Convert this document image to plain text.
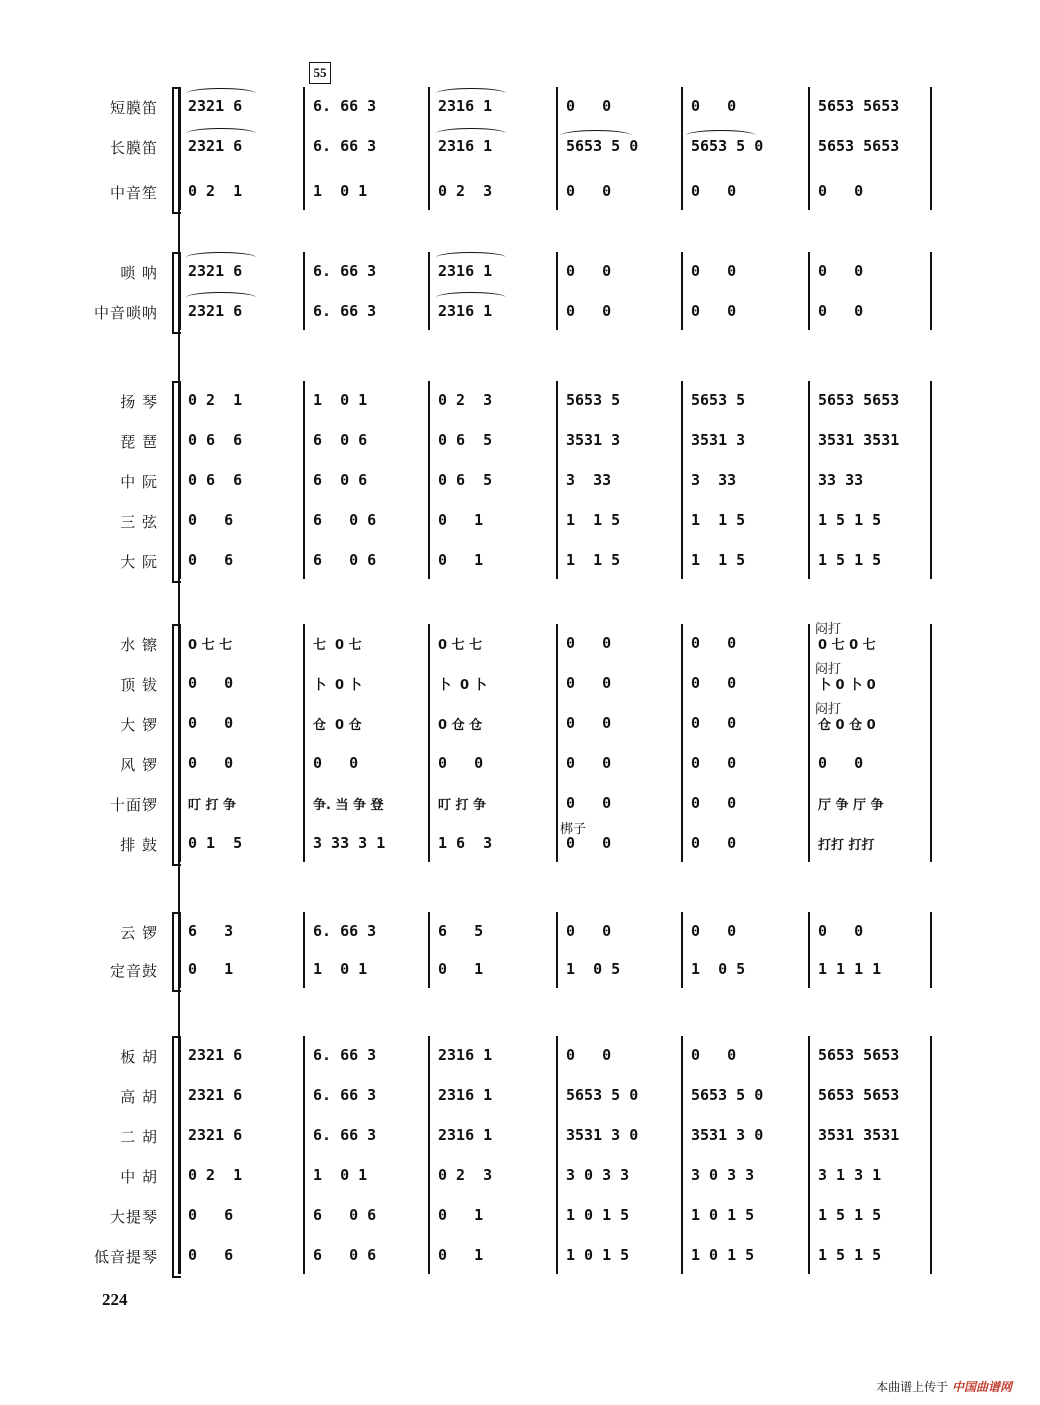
55
224
本曲谱上传于 中国曲谱网
短膜笛 2321 6	6. 66 3	2316 1	0   0	0   0	5653 5653
长膜笛 2321 6	6. 66 3	2316 1	5653 5 0	5653 5 0	5653 5653
中音笙 0 2  1	1  0 1	0 2  3	0   0	0   0	0   0
唢 呐 2321 6	6. 66 3	2316 1	0   0	0   0	0   0
中音唢呐 2321 6	6. 66 3	2316 1	0   0	0   0	0   0
扬 琴 0 2  1	1  0 1	0 2  3	5653 5	5653 5	5653 5653
琵 琶 0 6  6	6  0 6	0 6  5	3531 3	3531 3	3531 3531
中 阮 0 6  6	6  0 6	0 6  5	3  33	3  33	33 33
三 弦 0   6	6   0 6	0   1	1  1 5	1  1 5	1 5 1 5
大 阮 0   6	6   0 6	0   1	1  1 5	1  1 5	1 5 1 5
水 镲 0 七 七	七  0 七	0 七 七	0   0	0   0	0 七 0 七
顶 钹 0   0	卜  0 卜	卜  0 卜	0   0	0   0	卜 0 卜 0
大 锣 0   0	仓  0 仓	0 仓 仓	0   0	0   0	仓 0 仓 0
风 锣 0   0	0   0	0   0	0   0	0   0	0   0
十面锣 叮 打 争	争. 当 争 登	叮 打 争	0   0	0   0	厅 争 厅 争
排 鼓 0 1  5	3 33 3 1	1 6  3	0   0	0   0	打打 打打
云 锣 6   3	6. 66 3	6   5	0   0	0   0	0   0
定音鼓 0   1	1  0 1	0   1	1  0 5	1  0 5	1 1 1 1
板 胡 2321 6	6. 66 3	2316 1	0   0	0   0	5653 5653
高 胡 2321 6	6. 66 3	2316 1	5653 5 0	5653 5 0	5653 5653
二 胡 2321 6	6. 66 3	2316 1	3531 3 0	3531 3 0	3531 3531
中 胡 0 2  1	1  0 1	0 2  3	3 0 3 3	3 0 3 3	3 1 3 1
大提琴 0   6	6   0 6	0   1	1 0 1 5	1 0 1 5	1 5 1 5
低音提琴 0   6	6   0 6	0   1	1 0 1 5	1 0 1 5	1 5 1 5
闷打
闷打
闷打
梆子
